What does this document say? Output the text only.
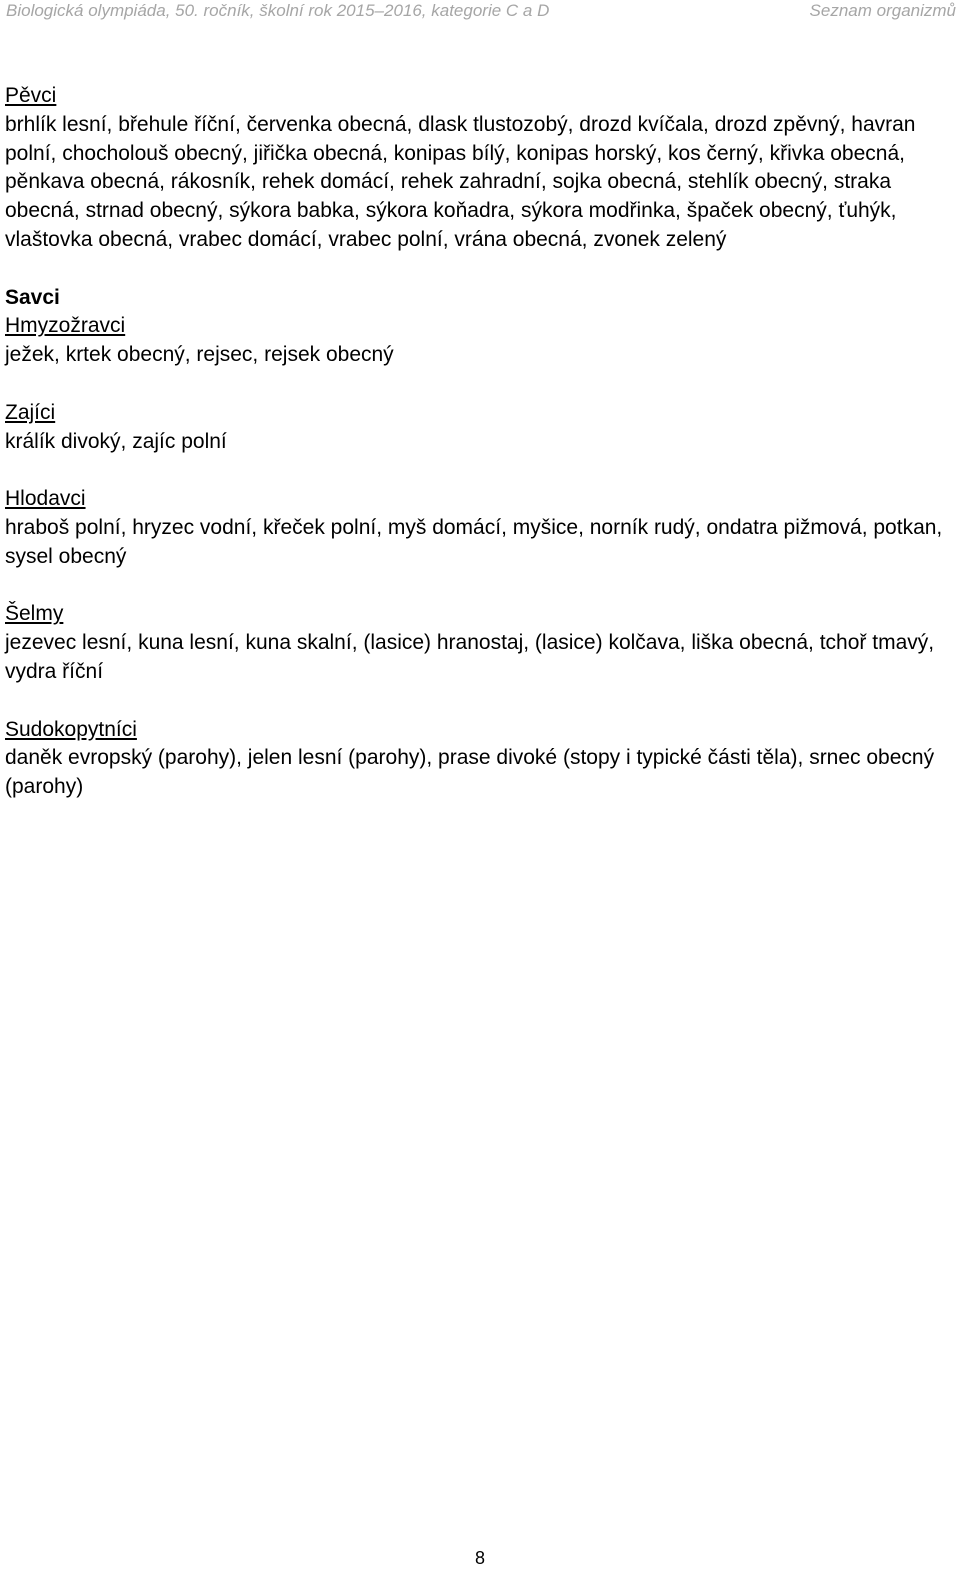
Biologická olympiáda, 50. ročník, školní rok 2015–2016, kategorie C a D	Seznam organizmů
Pěvci
brhlík lesní, břehule říční, červenka obecná, dlask tlustozobý, drozd kvíčala, drozd zpěvný, havran polní, chocholouš obecný, jiřička obecná, konipas bílý, konipas horský, kos černý, křivka obecná, pěnkava obecná, rákosník, rehek domácí, rehek zahradní, sojka obecná, stehlík obecný, straka obecná, strnad obecný, sýkora babka, sýkora koňadra, sýkora modřinka, špaček obecný, ťuhýk, vlaštovka obecná, vrabec domácí, vrabec polní, vrána obecná, zvonek zelený
Savci
Hmyzožravci
ježek, krtek obecný, rejsec, rejsek obecný
Zajíci
králík divoký, zajíc polní
Hlodavci
hraboš polní, hryzec vodní, křeček polní, myš domácí, myšice, norník rudý, ondatra pižmová, potkan, sysel obecný
Šelmy
jezevec lesní, kuna lesní, kuna skalní, (lasice) hranostaj, (lasice) kolčava, liška obecná, tchoř tmavý, vydra říční
Sudokopytníci
daněk evropský (parohy), jelen lesní (parohy), prase divoké (stopy i typické části těla), srnec obecný (parohy)
8
